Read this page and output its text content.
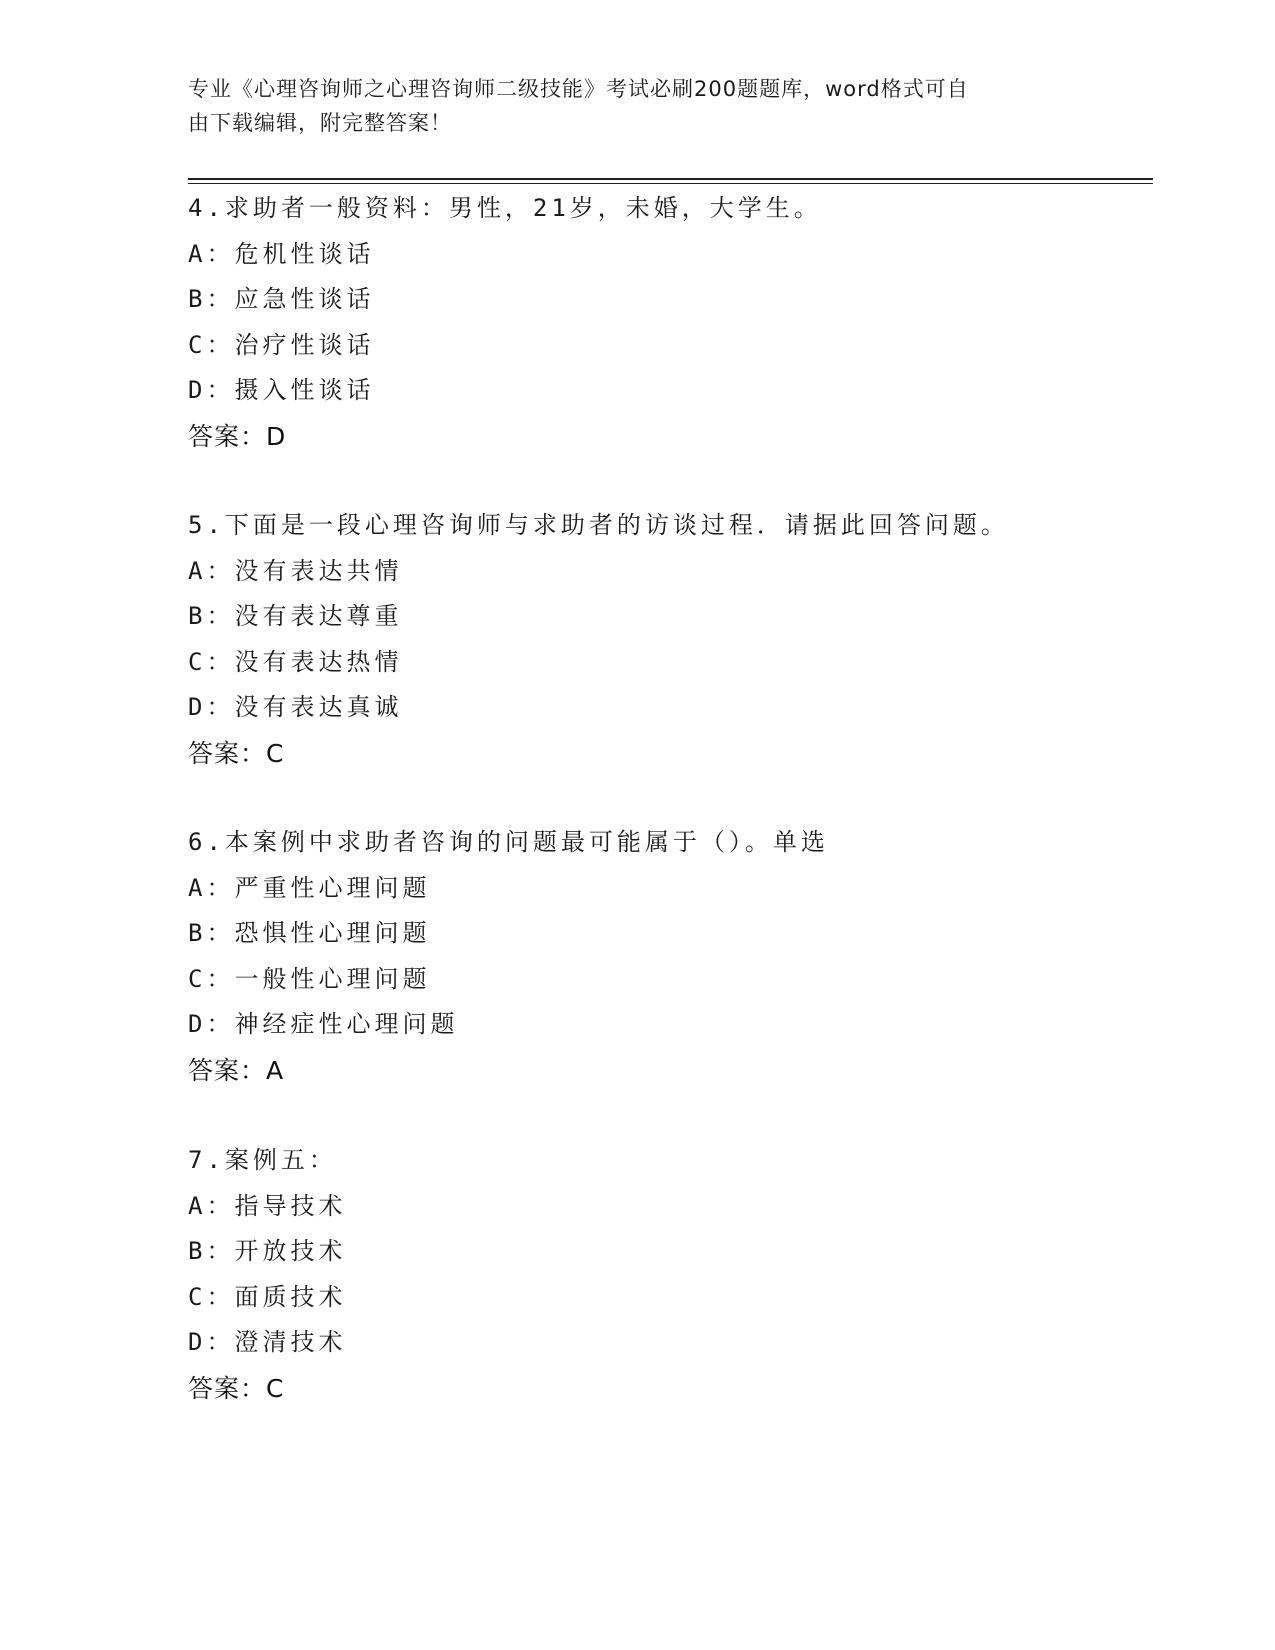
专业《心理咨询师之心理咨询师二级技能》考试必刷200题题库，word格式可自
由下载编辑，附完整答案！
4.求助者一般资料：男性，21岁，未婚，大学生。
A：危机性谈话
B：应急性谈话
C：治疗性谈话
D：摄入性谈话
答案：D
5.下面是一段心理咨询师与求助者的访谈过程．请据此回答问题。
A：没有表达共情
B：没有表达尊重
C：没有表达热情
D：没有表达真诚
答案：C
6.本案例中求助者咨询的问题最可能属于（）。单选
A：严重性心理问题
B：恐惧性心理问题
C：一般性心理问题
D：神经症性心理问题
答案：A
7.案例五：
A：指导技术
B：开放技术
C：面质技术
D：澄清技术
答案：C
